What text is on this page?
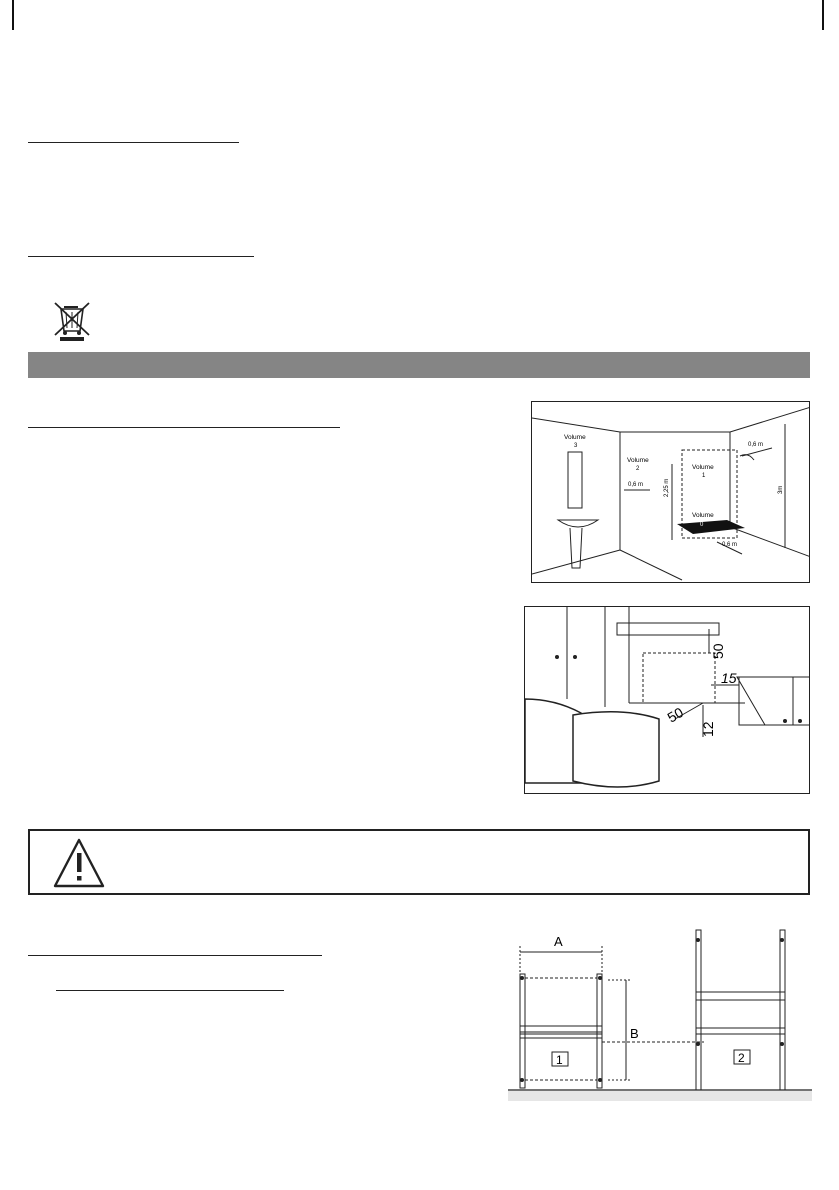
Volume
3
Volume
2	Volume
1
Volume
0
0,6 m
0,6 m
0,6 m
2,25 m	3m
50
15
50
12
A
B
1	2
